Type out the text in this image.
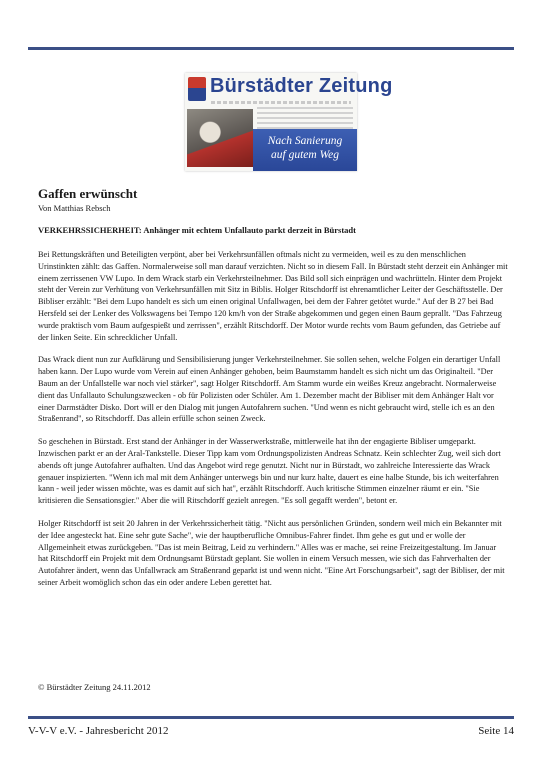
Bürstädter Zeitung
Nach Sanierung
auf gutem Weg
Gaffen erwünscht
Von Matthias Rebsch
VERKEHRSSICHERHEIT: Anhänger mit echtem Unfallauto parkt derzeit in Bürstadt

Bei Rettungskräften und Beteiligten verpönt, aber bei Verkehrsunfällen oftmals nicht zu vermeiden, weil es zu den menschlichen Urinstinkten zählt: das Gaffen. Normalerweise soll man darauf verzichten. Nicht so in diesem Fall. In Bürstadt steht derzeit ein Anhänger mit einem zerrissenen VW Lupo. In dem Wrack starb ein Verkehrsteilnehmer. Das Bild soll sich einprägen und wachrütteln. Hinter dem Projekt steht der Verein zur Verhütung von Verkehrsunfällen mit Sitz in Biblis. Holger Ritschdorff ist ehrenamtlicher Leiter der Geschäftsstelle. Der Bibliser erzählt: "Bei dem Lupo handelt es sich um einen original Unfallwagen, bei dem der Fahrer getötet wurde." Auf der B 27 bei Bad Hersfeld sei der Lenker des Volkswagens bei Tempo 120 km/h von der Straße abgekommen und gegen einen Baum geprallt. "Das Fahrzeug wurde praktisch vom Baum aufgespießt und zerrissen", erzählt Ritschdorff. Der Motor wurde rechts vom Baum gefunden, das Getriebe auf der linken Seite. Ein schrecklicher Unfall.

Das Wrack dient nun zur Aufklärung und Sensibilisierung junger Verkehrsteilnehmer. Sie sollen sehen, welche Folgen ein derartiger Unfall haben kann. Der Lupo wurde vom Verein auf einen Anhänger gehoben, beim Baumstamm handelt es sich nicht um das Originalteil. "Der Baum an der Unfallstelle war noch viel stärker", sagt Holger Ritschdorff. Am Stamm wurde ein weißes Kreuz angebracht. Normalerweise dient das Unfallauto Schulungszwecken - ob für Polizisten oder Schüler. Am 1. Dezember macht der Bibliser mit dem Anhänger Halt vor einer Darmstädter Disko. Dort will er den Dialog mit jungen Autofahrern suchen. "Und wenn es nicht gebraucht wird, stelle ich es an den Straßenrand", so Ritschdorff. Das allein erfülle schon seinen Zweck.

So geschehen in Bürstadt. Erst stand der Anhänger in der Wasserwerkstraße, mittlerweile hat ihn der engagierte Bibliser umgeparkt. Inzwischen parkt er an der Aral-Tankstelle. Dieser Tipp kam vom Ordnungspolizisten Andreas Schnatz. Kein schlechter Zug, weil sich dort abends oft junge Autofahrer aufhalten. Und das Angebot wird rege genutzt. Nicht nur in Bürstadt, wo zahlreiche Interessierte das Wrack genauer inspizierten. "Wenn ich mal mit dem Anhänger unterwegs bin und nur kurz halte, dauert es eine halbe Stunde, bis ich weiterfahren kann - weil jeder wissen möchte, was es damit auf sich hat", erzählt Ritschdorff. Auch kritische Stimmen einzelner räumt er ein. "Sie kritisieren die Sensationsgier." Aber die will Ritschdorff gezielt anregen. "Es soll gegafft werden", betont er.

Holger Ritschdorff ist seit 20 Jahren in der Verkehrssicherheit tätig. "Nicht aus persönlichen Gründen, sondern weil mich ein Bekannter mit der Idee angesteckt hat. Eine sehr gute Sache", wie der hauptberufliche Omnibus-Fahrer findet. Ihm gehe es gut und er wolle der Allgemeinheit etwas zurückgeben. "Das ist mein Beitrag, Leid zu verhindern." Alles was er mache, sei reine Freizeitgestaltung. Im Januar hat Ritschdorff ein Projekt mit dem Ordnungsamt Bürstadt geplant. Sie wollen in einem Versuch messen, wie sich das Fahrverhalten der Autofahrer ändert, wenn das Unfallwrack am Straßenrand geparkt ist und wenn nicht. "Eine Art Forschungsarbeit", sagt der Bibliser, der mit seiner Arbeit womöglich schon das ein oder andere Leben gerettet hat.

© Bürstädter Zeitung 24.11.2012
V-V-V e.V. - Jahresbericht 2012	Seite 14
